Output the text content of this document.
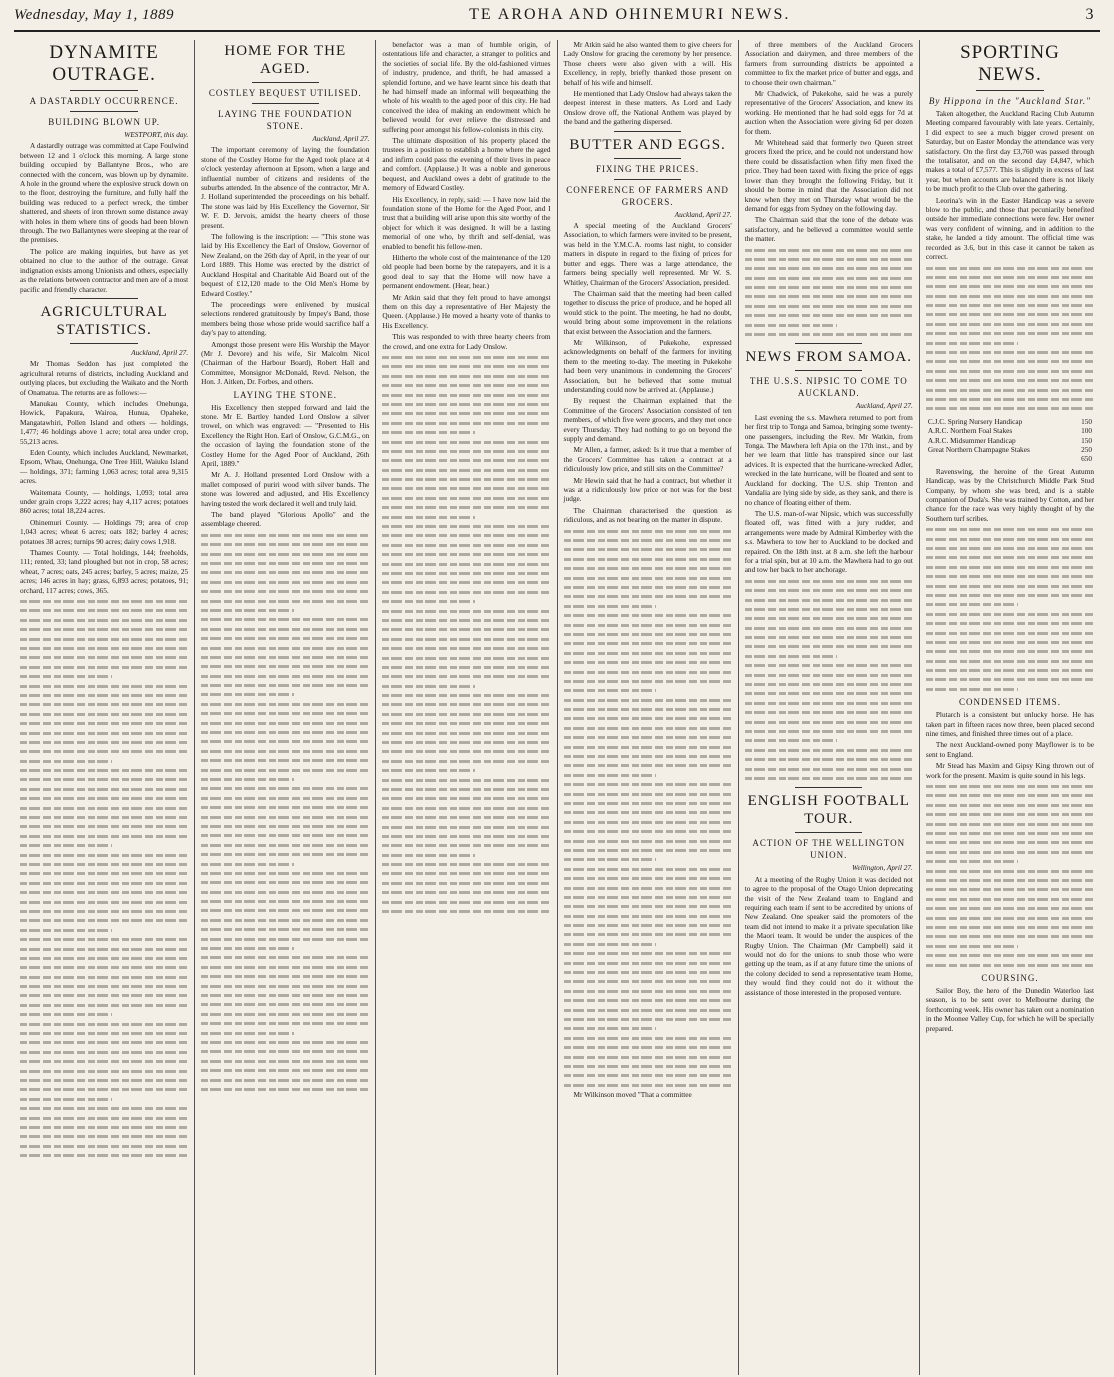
Wednesday, May 1, 1889	TE AROHA AND OHINEMURI NEWS.	3
DYNAMITE OUTRAGE.
A DASTARDLY OCCURRENCE.
BUILDING BLOWN UP.
WESTPORT, this day.

A dastardly outrage was committed at Cape Foulwind between 12 and 1 o'clock this morning. A large stone building occupied by Ballantyne Bros., who are connected with the concern, was blown up by dynamite. A hole in the ground where the explosive struck down on to the floor, destroying the furniture, and fully half the building was reduced to a perfect wreck, the timber shattered, and sheets of iron thrown some distance away with holes in them where tins of goods had been blown through. The two Ballantynes were sleeping at the rear of the premises.

The police are making inquiries, but have as yet obtained no clue to the author of the outrage. Great indignation exists among Unionists and others, especially as the relations between contractor and men are of a most pacific and friendly character.

AGRICULTURAL STATISTICS.
Auckland, April 27.

Mr Thomas Seddon has just completed the agricultural returns of districts, including Auckland and outlying places, but excluding the Waikato and the North of Onamatua. The returns are as follows:—

Manukau County, which includes Onehunga, Howick, Papakura, Wairoa, Hunua, Opaheke, Mangatawhiri, Pollen Island and others — holdings, 1,477; 46 holdings above 1 acre; total area under crop, 55,213 acres.

Eden County, which includes Auckland, Newmarket, Epsom, Whau, Onehunga, One Tree Hill, Waiuku Island — holdings, 371; farming 1,063 acres; total area 9,315 acres.

Waitemata County, — holdings, 1,093; total area under grain crops 3,222 acres; hay 4,117 acres; potatoes 860 acres; total 18,224 acres.

Ohinemuri County. — Holdings 79; area of crop 1,043 acres; wheat 6 acres; oats 182; barley 4 acres; potatoes 38 acres; turnips 90 acres; dairy cows 1,918.

Thames County. — Total holdings, 144; freeholds, 111; rented, 33; land ploughed but not in crop, 58 acres; wheat, 7 acres; oats, 245 acres; barley, 5 acres; maize, 25 acres; 146 acres in hay; grass, 6,893 acres; potatoes, 91; orchard, 117 acres; cows, 365.

HOME FOR THE AGED.
COSTLEY BEQUEST UTILISED.
LAYING THE FOUNDATION STONE.
Auckland, April 27.

The important ceremony of laying the foundation stone of the Costley Home for the Aged took place at 4 o'clock yesterday afternoon at Epsom, when a large and influential number of citizens and residents of the suburbs attended. In the absence of the contractor, Mr A. J. Holland superintended the proceedings on his behalf. The stone was laid by His Excellency the Governor, Sir W. F. D. Jervois, amidst the hearty cheers of those present.

The following is the inscription: — "This stone was laid by His Excellency the Earl of Onslow, Governor of New Zealand, on the 26th day of April, in the year of our Lord 1889. This Home was erected by the district of Auckland Hospital and Charitable Aid Board out of the bequest of £12,120 made to the Old Men's Home by Edward Costley."

The proceedings were enlivened by musical selections rendered gratuitously by Impey's Band, those members being those whose pride would sacrifice half a day's pay to attending.

Amongst those present were His Worship the Mayor (Mr J. Devore) and his wife, Sir Malcolm Nicol (Chairman of the Harbour Board), Robert Hall and Committee, Monsignor McDonald, Revd. Nelson, the Hon. J. Aitken, Dr. Forbes, and others.

LAYING THE STONE.

His Excellency then stepped forward and laid the stone. Mr E. Bartley handed Lord Onslow a silver trowel, on which was engraved: — "Presented to His Excellency the Right Hon. Earl of Onslow, G.C.M.G., on the occasion of laying the foundation stone of the Costley Home for the Aged Poor of Auckland, 26th April, 1889."

Mr A. J. Holland presented Lord Onslow with a mallet composed of puriri wood with silver bands. The stone was lowered and adjusted, and His Excellency having tested the work declared it well and truly laid.

The band played "Glorious Apollo" and the assemblage cheered.

benefactor was a man of humble origin, of ostentatious life and character, a stranger to politics and the societies of social life. By the old-fashioned virtues of industry, prudence, and thrift, he had amassed a splendid fortune, and we have learnt since his death that he had himself made an informal will bequeathing the whole of his wealth to the aged poor of this city. He had conceived the idea of making an endowment which he believed would for ever relieve the distressed and suffering poor amongst his fellow-colonists in this city.

The ultimate disposition of his property placed the trustees in a position to establish a home where the aged and infirm could pass the evening of their lives in peace and comfort. (Applause.) It was a noble and generous bequest, and Auckland owes a debt of gratitude to the memory of Edward Costley.

His Excellency, in reply, said: — I have now laid the foundation stone of the Home for the Aged Poor, and I trust that a building will arise upon this site worthy of the object for which it was designed. It will be a lasting memorial of one who, by thrift and self-denial, was enabled to benefit his fellow-men.

Hitherto the whole cost of the maintenance of the 120 old people had been borne by the ratepayers, and it is a good deal to say that the Home will now have a permanent endowment. (Hear, hear.)

Mr Atkin said that they felt proud to have amongst them on this day a representative of Her Majesty the Queen. (Applause.) He moved a hearty vote of thanks to His Excellency.

This was responded to with three hearty cheers from the crowd, and one extra for Lady Onslow.

Mr Atkin said he also wanted them to give cheers for Lady Onslow for gracing the ceremony by her presence. Those cheers were also given with a will. His Excellency, in reply, briefly thanked those present on behalf of his wife and himself.

He mentioned that Lady Onslow had always taken the deepest interest in these matters. As Lord and Lady Onslow drove off, the National Anthem was played by the band and the gathering dispersed.

BUTTER AND EGGS.
FIXING THE PRICES.
CONFERENCE OF FARMERS AND GROCERS.
Auckland, April 27.

A special meeting of the Auckland Grocers' Association, to which farmers were invited to be present, was held in the Y.M.C.A. rooms last night, to consider matters in dispute in regard to the fixing of prices for butter and eggs. There was a large attendance, the farmers being specially well represented. Mr W. S. Whitley, Chairman of the Grocers' Association, presided.

The Chairman said that the meeting had been called together to discuss the price of produce, and he hoped all would stick to the point. The meeting, he had no doubt, would bring about some improvement in the relations that exist between the Association and the farmers.

Mr Wilkinson, of Pukekohe, expressed acknowledgments on behalf of the farmers for inviting them to the meeting to-day. The meeting in Pukekohe had been very unanimous in condemning the Grocers' Association, but he believed that some mutual understanding could now be arrived at. (Applause.)

By request the Chairman explained that the Committee of the Grocers' Association consisted of ten members, of which five were grocers, and they met once every Thursday. They had nothing to go on beyond the supply and demand.

Mr Allen, a farmer, asked: Is it true that a member of the Grocers' Committee has taken a contract at a ridiculously low price, and still sits on the Committee?

Mr Hewin said that he had a contract, but whether it was at a ridiculously low price or not was for the best judge.

The Chairman characterised the question as ridiculous, and as not bearing on the matter in dispute.

Mr Wilkinson moved "That a committee

of three members of the Auckland Grocers Association and dairymen, and three members of the farmers from surrounding districts be appointed a committee to fix the market price of butter and eggs, and to choose their own chairman."

Mr Chadwick, of Pukekohe, said he was a purely representative of the Grocers' Association, and knew its working. He mentioned that he had sold eggs for 7d at auction when the Association were giving 6d per dozen for them.

Mr Whitehead said that formerly two Queen street grocers fixed the price, and he could not understand how there could be dissatisfaction when fifty men fixed the price. They had been taxed with fixing the price of eggs lower than they brought the following Friday, but it should be borne in mind that the Association did not know when they met on Thursday what would be the demand for eggs from Sydney on the following day.

The Chairman said that the tone of the debate was satisfactory, and he believed a committee would settle the matter.

NEWS FROM SAMOA.
THE U.S.S. NIPSIC TO COME TO AUCKLAND.
Auckland, April 27.

Last evening the s.s. Mawhera returned to port from her first trip to Tonga and Samoa, bringing some twenty-one passengers, including the Rev. Mr Watkin, from Tonga. The Mawhera left Apia on the 17th inst., and by her we learn that little has transpired since our last advices. It is expected that the hurricane-wrecked Adler, wrecked in the late hurricane, will be floated and sent to Auckland for docking. The U.S. ship Trenton and Vandalia are lying side by side, as they sank, and there is no chance of floating either of them.

The U.S. man-of-war Nipsic, which was successfully floated off, was fitted with a jury rudder, and arrangements were made by Admiral Kimberley with the s.s. Mawhera to tow her to Auckland to be docked and repaired. On the 18th inst. at 8 a.m. she left the harbour for a trial spin, but at 10 a.m. the Mawhera had to go out and tow her back to her anchorage.

ENGLISH FOOTBALL TOUR.
ACTION OF THE WELLINGTON UNION.
Wellington, April 27.

At a meeting of the Rugby Union it was decided not to agree to the proposal of the Otago Union deprecating the visit of the New Zealand team to England and requiring each team if sent to be accredited by unions of New Zealand. One speaker said the promoters of the team did not intend to make it a private speculation like the Maori team. It would be under the auspices of the Rugby Union. The Chairman (Mr Campbell) said it would not do for the unions to snub those who were getting up the team, as if at any future time the unions of the colony decided to send a representative team Home, they would find they could not do it without the assistance of those interested in the proposed venture.

SPORTING NEWS.
By Hippona in the "Auckland Star."

Taken altogether, the Auckland Racing Club Autumn Meeting compared favourably with late years. Certainly, I did expect to see a much bigger crowd present on Saturday, but on Easter Monday the attendance was very satisfactory. On the first day £3,760 was passed through the totalisator, and on the second day £4,847, which makes a total of £7,577. This is slightly in excess of last year, but when accounts are balanced there is not likely to be much profit to the Club over the gathering.

Leorina's win in the Easter Handicap was a severe blow to the public, and those that pecuniarily benefited outside her immediate connections were few. Her owner was very confident of winning, and in addition to the stake, he landed a tidy amount. The official time was recorded as 3.6, but in this case it cannot be taken as correct.

C.J.C. Spring Nursery Handicap	150
A.R.C. Northern Foal Stakes	100
A.R.C. Midsummer Handicap	150
Great Northern Champagne Stakes	250
	650

Ravenswing, the heroine of the Great Autumn Handicap, was by the Christchurch Middle Park Stud Company, by whom she was bred, and is a stable companion of Duda's. She was trained by Cotton, and her chance for the race was very highly thought of by the Southern turf scribes.

CONDENSED ITEMS.

Plutarch is a consistent but unlucky horse. He has taken part in fifteen races now three, been placed second nine times, and finished three times out of a place.

The next Auckland-owned pony Mayflower is to be sent to England.

Mr Stead has Maxim and Gipsy King thrown out of work for the present. Maxim is quite sound in his legs.

COURSING.

Sailor Boy, the hero of the Dunedin Waterloo last season, is to be sent over to Melbourne during the forthcoming week. His owner has taken out a nomination in the Moonee Valley Cup, for which he will be specially prepared.
